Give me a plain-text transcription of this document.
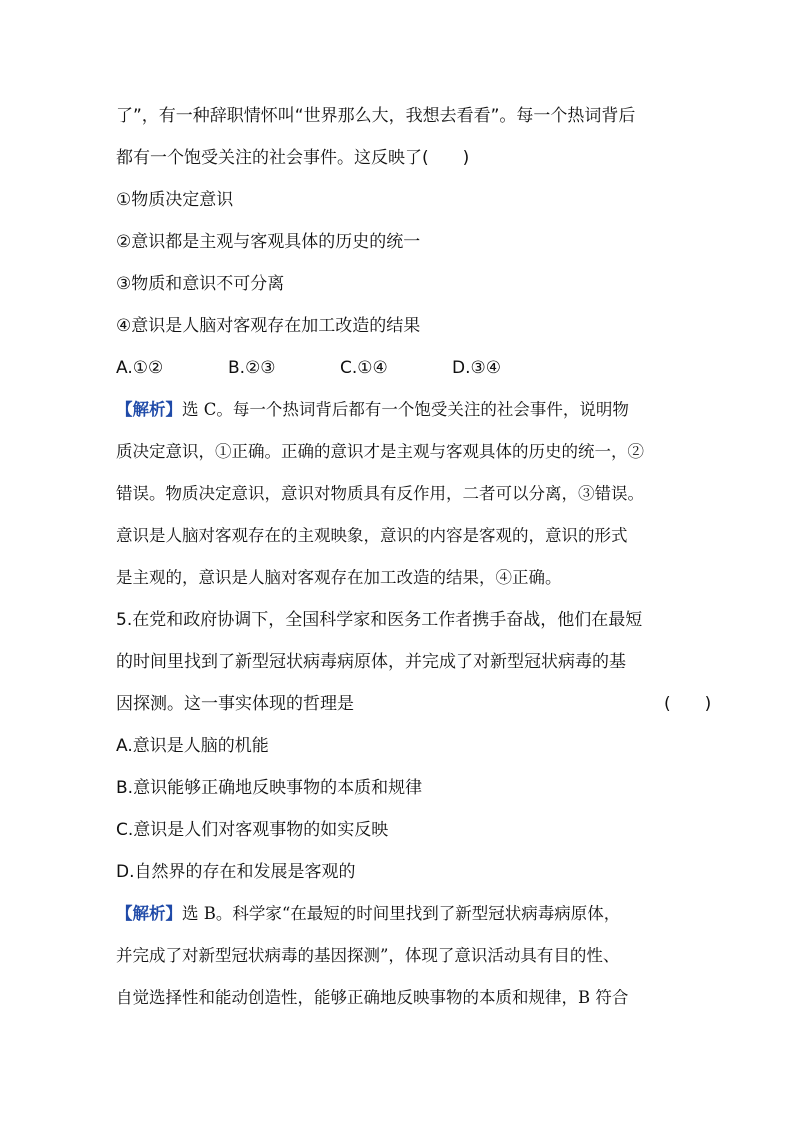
了”，有一种辞职情怀叫“世界那么大，我想去看看”。每一个热词背后
都有一个饱受关注的社会事件。这反映了(　　)
①物质决定意识
②意识都是主观与客观具体的历史的统一
③物质和意识不可分离
④意识是人脑对客观存在加工改造的结果
A.①②	B.②③	C.①④	D.③④
【解析】选 C。每一个热词背后都有一个饱受关注的社会事件，说明物
质决定意识，①正确。正确的意识才是主观与客观具体的历史的统一，②
错误。物质决定意识，意识对物质具有反作用，二者可以分离，③错误。
意识是人脑对客观存在的主观映象，意识的内容是客观的，意识的形式
是主观的，意识是人脑对客观存在加工改造的结果，④正确。
5.在党和政府协调下，全国科学家和医务工作者携手奋战，他们在最短
的时间里找到了新型冠状病毒病原体，并完成了对新型冠状病毒的基
因探测。这一事实体现的哲理是	(　　)
A.意识是人脑的机能
B.意识能够正确地反映事物的本质和规律
C.意识是人们对客观事物的如实反映
D.自然界的存在和发展是客观的
【解析】选 B。科学家“在最短的时间里找到了新型冠状病毒病原体，
并完成了对新型冠状病毒的基因探测”，体现了意识活动具有目的性、
自觉选择性和能动创造性，能够正确地反映事物的本质和规律，B 符合
